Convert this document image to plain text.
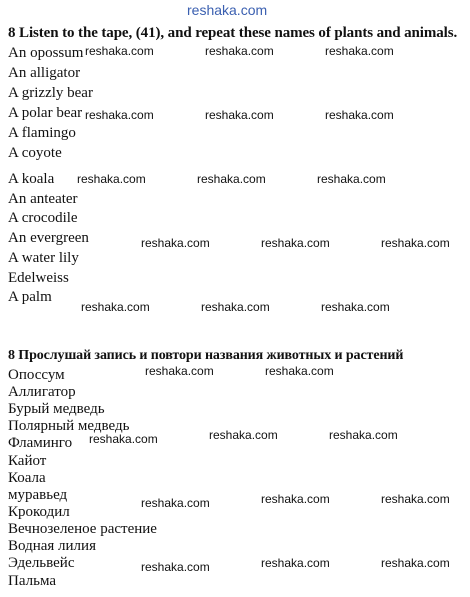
reshaka.com
8 Listen to the tape, (41), and repeat these names of plants and animals.
An opossum
An alligator
A grizzly bear
A polar bear
A flamingo
A coyote
A koala
An anteater
A crocodile
An evergreen
A water lily
Edelweiss
A palm
8 Прослушай запись и повтори названия животных и растений
Опоссум
Аллигатор
Бурый медведь
Полярный медведь
Фламинго
Кайот
Коала
муравьед
Крокодил
Вечнозеленое растение
Водная лилия
Эдельвейс
Пальма
reshaka.com	reshaka.com	reshaka.com
reshaka.com	reshaka.com	reshaka.com
reshaka.com	reshaka.com	reshaka.com
reshaka.com	reshaka.com	reshaka.com
reshaka.com	reshaka.com	reshaka.com
reshaka.com	reshaka.com
reshaka.com	reshaka.com	reshaka.com
reshaka.com	reshaka.com	reshaka.com
reshaka.com	reshaka.com	reshaka.com
